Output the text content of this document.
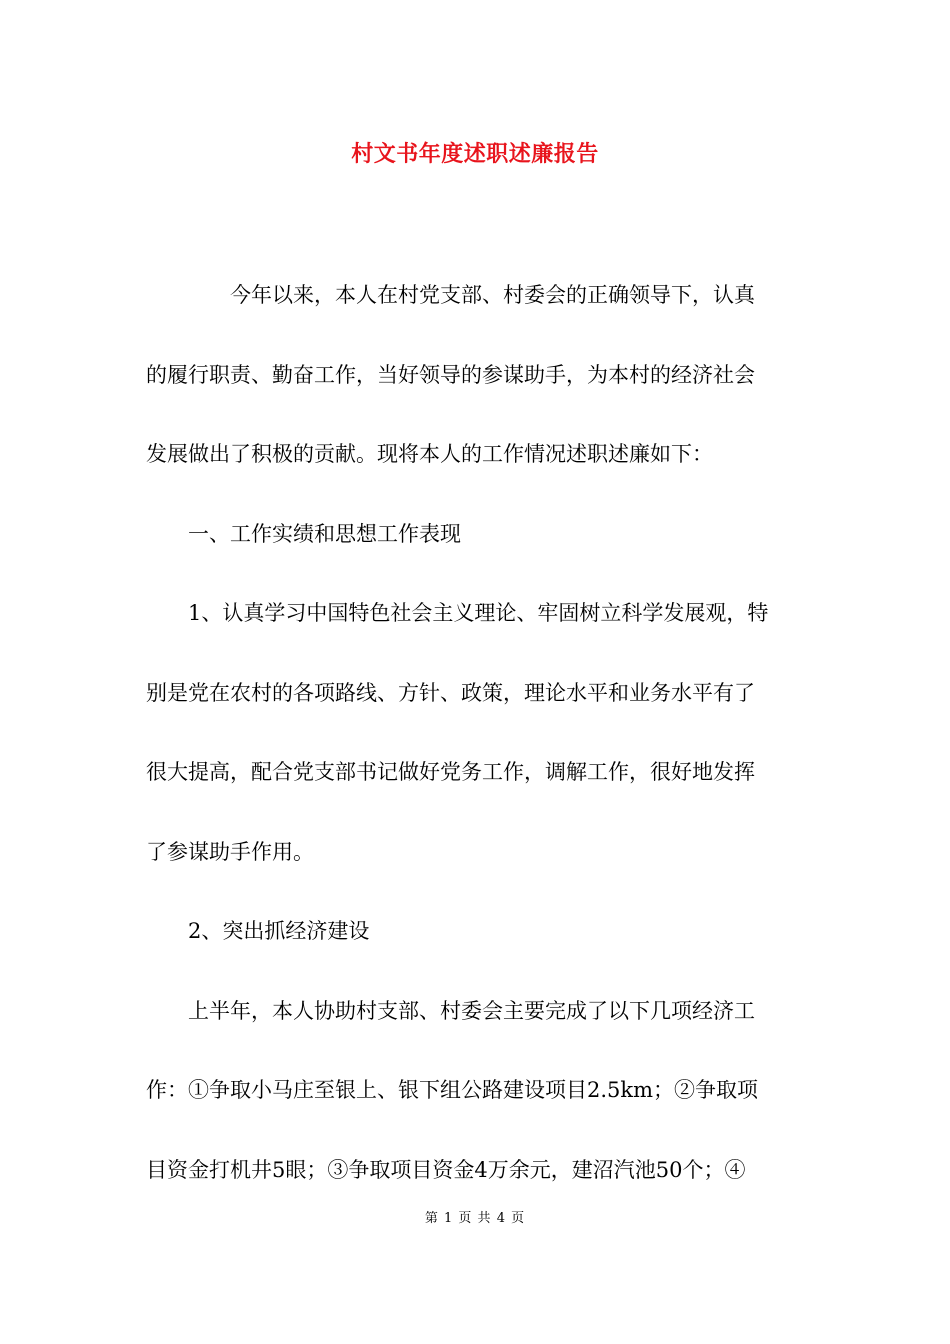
村文书年度述职述廉报告
　　　　今年以来，本人在村党支部、村委会的正确领导下，认真
的履行职责、勤奋工作，当好领导的参谋助手，为本村的经济社会
发展做出了积极的贡献。现将本人的工作情况述职述廉如下：
　　一、工作实绩和思想工作表现
　　1、认真学习中国特色社会主义理论、牢固树立科学发展观，特
别是党在农村的各项路线、方针、政策，理论水平和业务水平有了
很大提高，配合党支部书记做好党务工作，调解工作，很好地发挥
了参谋助手作用。
　　2、突出抓经济建设
　　上半年，本人协助村支部、村委会主要完成了以下几项经济工
作：①争取小马庄至银上、银下组公路建设项目2.5km；②争取项
目资金打机井5眼；③争取项目资金4万余元，建沼汽池50个；④
第 1 页 共 4 页
